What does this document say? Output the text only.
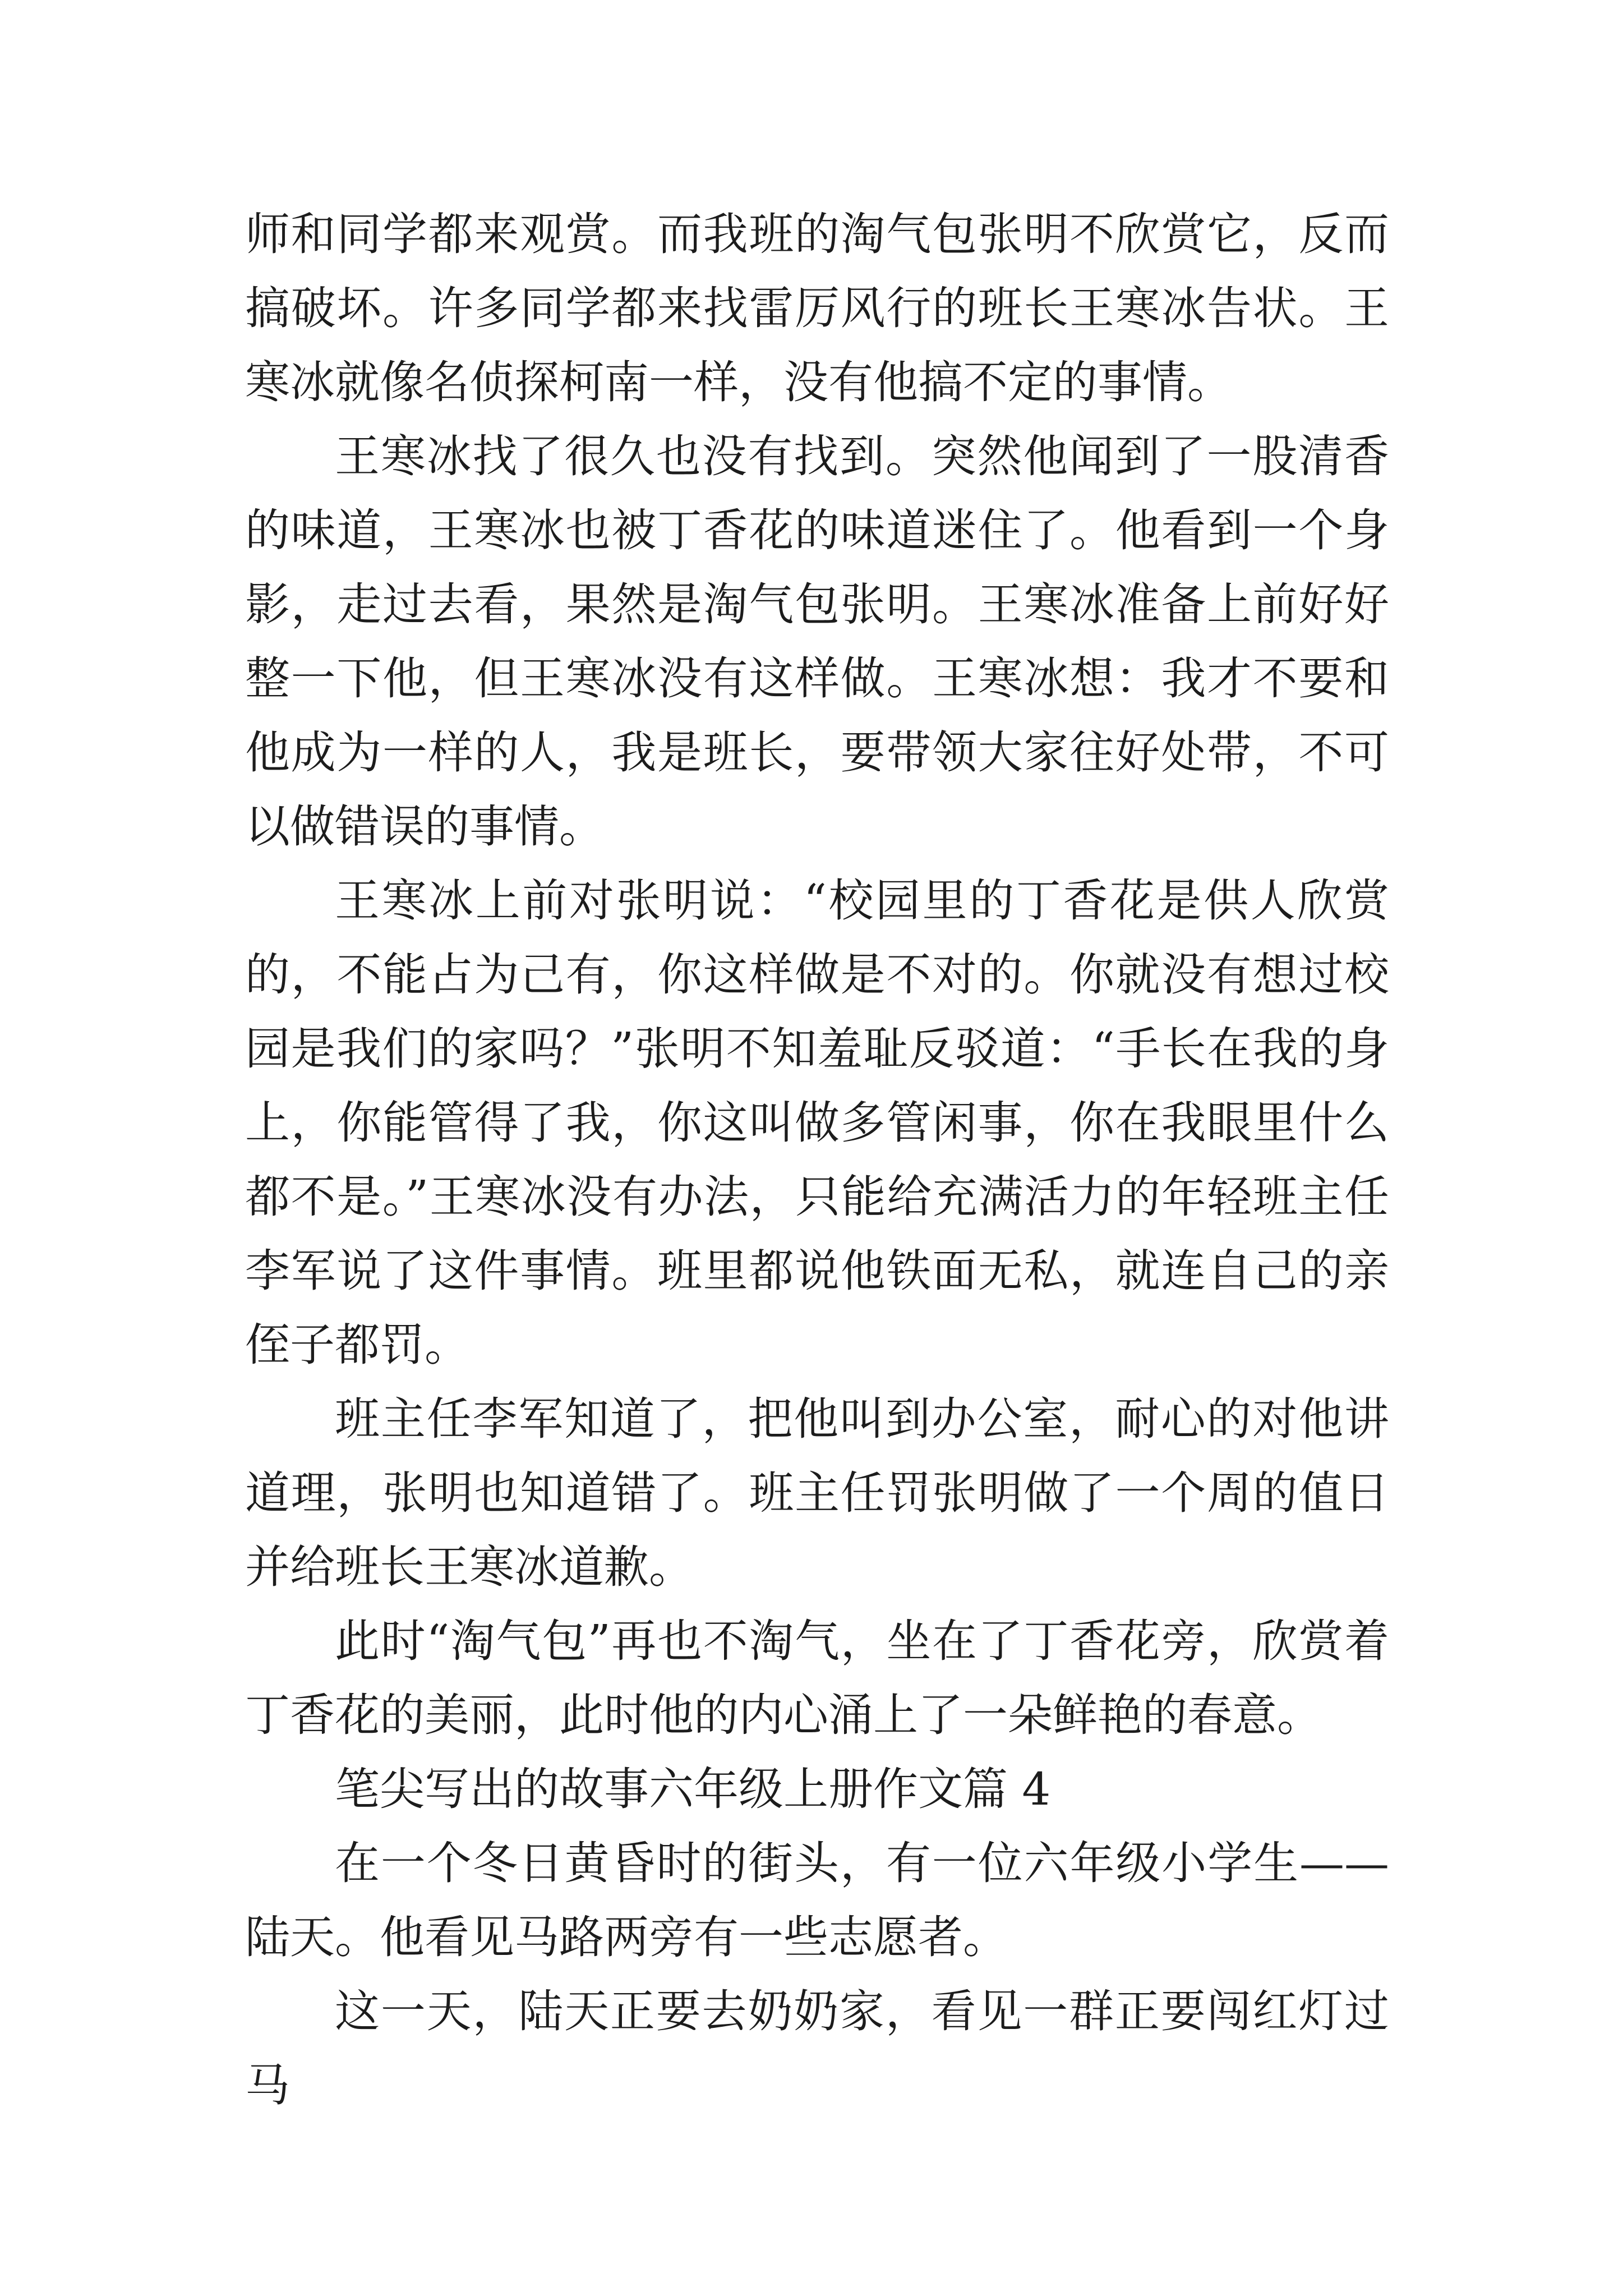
师和同学都来观赏。而我班的淘气包张明不欣赏它，反而搞破坏。许多同学都来找雷厉风行的班长王寒冰告状。王寒冰就像名侦探柯南一样，没有他搞不定的事情。

王寒冰找了很久也没有找到。突然他闻到了一股清香的味道，王寒冰也被丁香花的味道迷住了。他看到一个身影，走过去看，果然是淘气包张明。王寒冰准备上前好好整一下他，但王寒冰没有这样做。王寒冰想：我才不要和他成为一样的人，我是班长，要带领大家往好处带，不可以做错误的事情。

王寒冰上前对张明说：“校园里的丁香花是供人欣赏的，不能占为己有，你这样做是不对的。你就没有想过校园是我们的家吗？”张明不知羞耻反驳道：“手长在我的身上，你能管得了我，你这叫做多管闲事，你在我眼里什么都不是。”王寒冰没有办法，只能给充满活力的年轻班主任李军说了这件事情。班里都说他铁面无私，就连自己的亲侄子都罚。

班主任李军知道了，把他叫到办公室，耐心的对他讲道理，张明也知道错了。班主任罚张明做了一个周的值日并给班长王寒冰道歉。

此时“淘气包”再也不淘气，坐在了丁香花旁，欣赏着丁香花的美丽，此时他的内心涌上了一朵鲜艳的春意。

笔尖写出的故事六年级上册作文篇 4

在一个冬日黄昏时的街头，有一位六年级小学生——陆天。他看见马路两旁有一些志愿者。

这一天，陆天正要去奶奶家，看见一群正要闯红灯过马
